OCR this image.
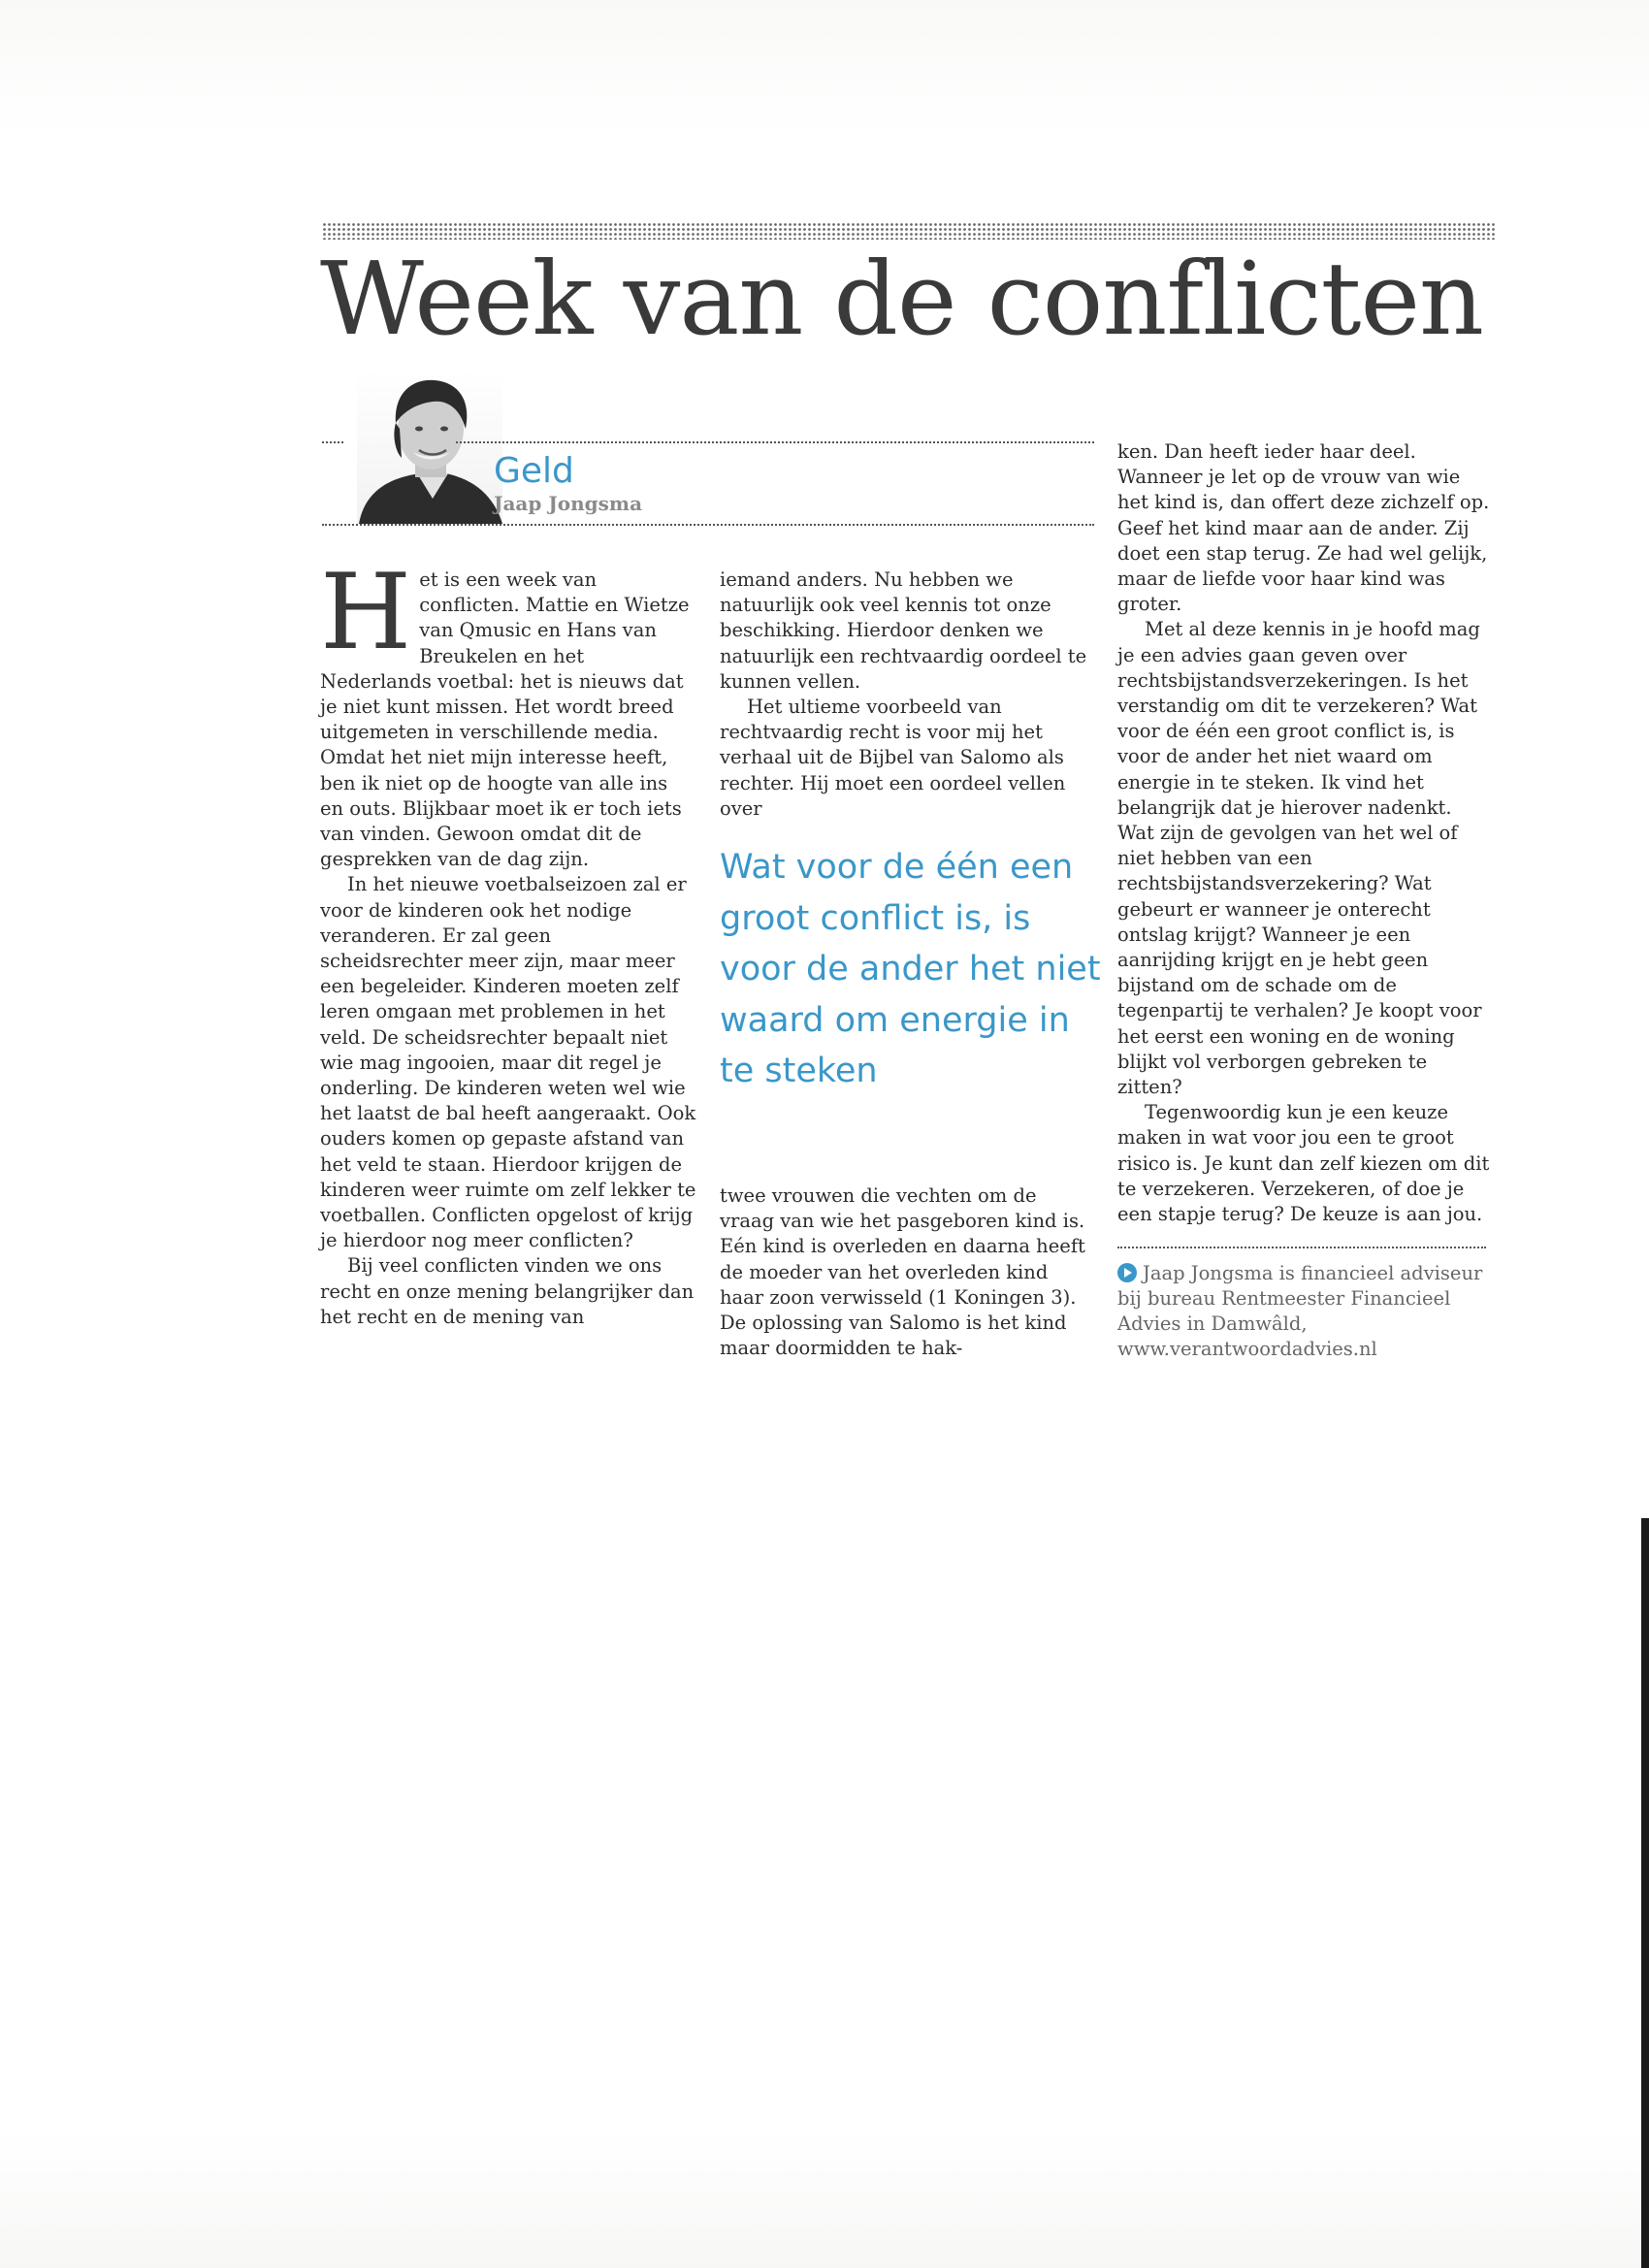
Week van de conflicten
Geld
Jaap Jongsma

Het is een week van conflicten. Mattie en Wietze van Qmusic en Hans van Breukelen en het Nederlands voetbal: het is nieuws dat je niet kunt missen. Het wordt breed uitgemeten in verschillende media. Omdat het niet mijn interesse heeft, ben ik niet op de hoogte van alle ins en outs. Blijkbaar moet ik er toch iets van vinden. Gewoon omdat dit de gesprekken van de dag zijn.

In het nieuwe voetbalseizoen zal er voor de kinderen ook het nodige veranderen. Er zal geen scheidsrechter meer zijn, maar meer een begeleider. Kinderen moeten zelf leren omgaan met problemen in het veld. De scheidsrechter bepaalt niet wie mag ingooien, maar dit regel je onderling. De kinderen weten wel wie het laatst de bal heeft aangeraakt. Ook ouders komen op gepaste afstand van het veld te staan. Hierdoor krijgen de kinderen weer ruimte om zelf lekker te voetballen. Conflicten opgelost of krijg je hierdoor nog meer conflicten?

Bij veel conflicten vinden we ons recht en onze mening belangrijker dan het recht en de mening van

iemand anders. Nu hebben we natuurlijk ook veel kennis tot onze beschikking. Hierdoor denken we natuurlijk een rechtvaardig oordeel te kunnen vellen.

Het ultieme voorbeeld van rechtvaardig recht is voor mij het verhaal uit de Bijbel van Salomo als rechter. Hij moet een oordeel vellen over

Wat voor de één een groot conflict is, is voor de ander het niet waard om energie in te steken

twee vrouwen die vechten om de vraag van wie het pasgeboren kind is. Eén kind is overleden en daarna heeft de moeder van het overleden kind haar zoon verwisseld (1 Koningen 3). De oplossing van Salomo is het kind maar doormidden te hak-

ken. Dan heeft ieder haar deel. Wanneer je let op de vrouw van wie het kind is, dan offert deze zichzelf op. Geef het kind maar aan de ander. Zij doet een stap terug. Ze had wel gelijk, maar de liefde voor haar kind was groter.

Met al deze kennis in je hoofd mag je een advies gaan geven over rechtsbijstandsverzekeringen. Is het verstandig om dit te verzekeren? Wat voor de één een groot conflict is, is voor de ander het niet waard om energie in te steken. Ik vind het belangrijk dat je hierover nadenkt. Wat zijn de gevolgen van het wel of niet hebben van een rechtsbijstandsverzekering? Wat gebeurt er wanneer je onterecht ontslag krijgt? Wanneer je een aanrijding krijgt en je hebt geen bijstand om de schade om de tegenpartij te verhalen? Je koopt voor het eerst een woning en de woning blijkt vol verborgen gebreken te zitten?

Tegenwoordig kun je een keuze maken in wat voor jou een te groot risico is. Je kunt dan zelf kiezen om dit te verzekeren. Verzekeren, of doe je een stapje terug? De keuze is aan jou.

Jaap Jongsma is financieel adviseur bij bureau Rentmeester Financieel Advies in Damwâld, www.verantwoordadvies.nl
